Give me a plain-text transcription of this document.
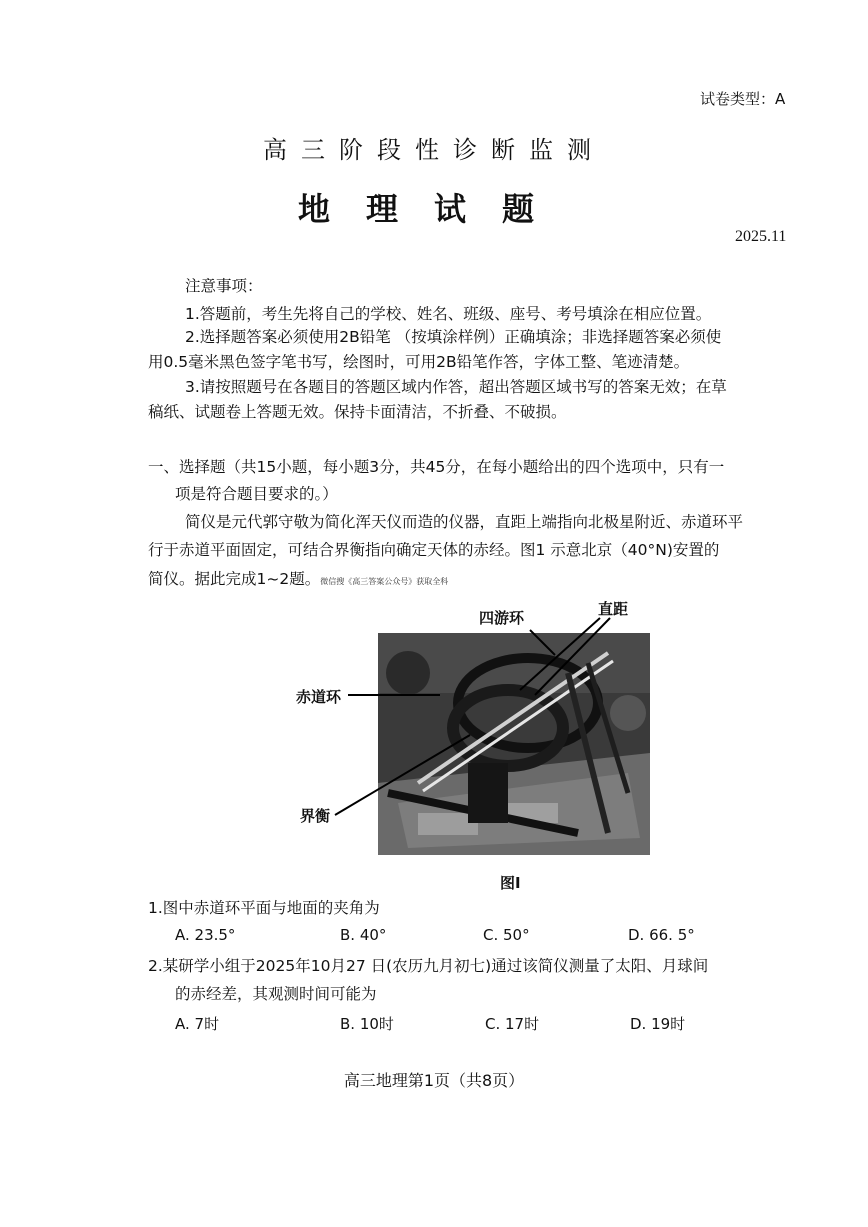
试卷类型：A
高三阶段性诊断监测
地理试题
2025.11
注意事项：
1.答题前，考生先将自己的学校、姓名、班级、座号、考号填涂在相应位置。
2.选择题答案必须使用2B铅笔 （按填涂样例）正确填涂；非选择题答案必须使
用0.5毫米黑色签字笔书写，绘图时，可用2B铅笔作答，字体工整、笔迹清楚。
3.请按照题号在各题目的答题区域内作答，超出答题区域书写的答案无效；在草
稿纸、试题卷上答题无效。保持卡面清洁，不折叠、不破损。
一、选择题（共15小题，每小题3分，共45分，在每小题给出的四个选项中，只有一
项是符合题目要求的。）
简仪是元代郭守敬为简化浑天仪而造的仪器，直距上端指向北极星附近、赤道环平
行于赤道平面固定，可结合界衡指向确定天体的赤经。图1 示意北京（40°N)安置的
简仪。据此完成1~2题。微信搜《高三答案公众号》获取全科
四游环	直距
赤道环
界衡
图I
1.图中赤道环平面与地面的夹角为
A. 23.5°	B. 40°	C. 50°	D. 66. 5°
2.某研学小组于2025年10月27 日(农历九月初七)通过该简仪测量了太阳、月球间
的赤经差，其观测时间可能为
A. 7时	B. 10时	C. 17时	D. 19时
高三地理第1页（共8页）
